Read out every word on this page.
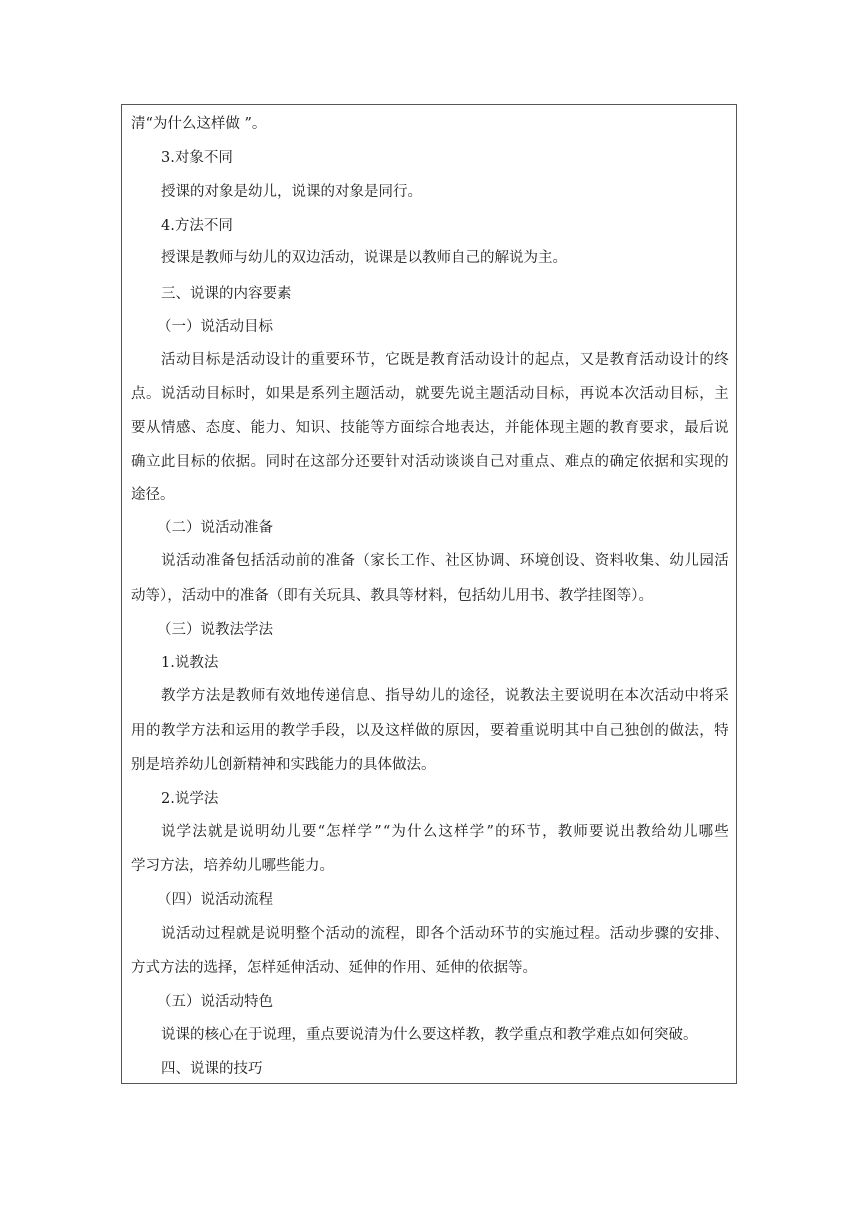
清“为什么这样做 ”。
3.对象不同
授课的对象是幼儿，说课的对象是同行。
4.方法不同
授课是教师与幼儿的双边活动，说课是以教师自己的解说为主。
三、说课的内容要素
（一）说活动目标
活 动 目 标 是 活 动 设 计 的 重 要 环 节 ， 它 既 是 教 育 活 动 设 计 的 起 点 ， 又 是 教 育 活 动 设 计 的 终
点 。 说 活 动 目 标 时 ， 如 果 是 系 列 主 题 活 动 ， 就 要 先 说 主 题 活 动 目 标 ， 再 说 本 次 活 动 目 标 ， 主
要 从 情 感 、 态 度 、 能 力 、 知 识 、 技 能 等 方 面 综 合 地 表 达 ， 并 能 体 现 主 题 的 教 育 要 求 ， 最 后 说
确 立 此 目 标 的 依 据 。 同 时 在 这 部 分 还 要 针 对 活 动 谈 谈 自 己 对 重 点 、 难 点 的 确 定 依 据 和 实 现 的
途径。
（二）说活动准备
说 活 动 准 备 包 括 活 动 前 的 准 备 （ 家 长 工 作 、 社 区 协 调 、 环 境 创 设 、 资 料 收 集 、 幼 儿 园 活
动等），活动中的准备（即有关玩具、教具等材料，包括幼儿用书、教学挂图等）。
（三）说教法学法
1.说教法
教 学 方 法 是 教 师 有 效 地 传 递 信 息 、 指 导 幼 儿 的 途 径 ， 说 教 法 主 要 说 明 在 本 次 活 动 中 将 采
用 的 教 学 方 法 和 运 用 的 教 学 手 段 ， 以 及 这 样 做 的 原 因 ， 要 着 重 说 明 其 中 自 己 独 创 的 做 法 ， 特
别是培养幼儿创新精神和实践能力的具体做法。
2.说学法
说 学 法 就 是 说 明 幼 儿 要 “ 怎 样 学 ” “ 为 什 么 这 样 学 ” 的 环 节 ， 教 师 要 说 出 教 给 幼 儿 哪 些
学习方法，培养幼儿哪些能力。
（四）说活动流程
说 活 动 过 程 就 是 说 明 整 个 活 动 的 流 程 ， 即 各 个 活 动 环 节 的 实 施 过 程 。 活 动 步 骤 的 安 排 、
方式方法的选择，怎样延伸活动、延伸的作用、延伸的依据等。
（五）说活动特色
说课的核心在于说理，重点要说清为什么要这样教，教学重点和教学难点如何突破。
四、说课的技巧
